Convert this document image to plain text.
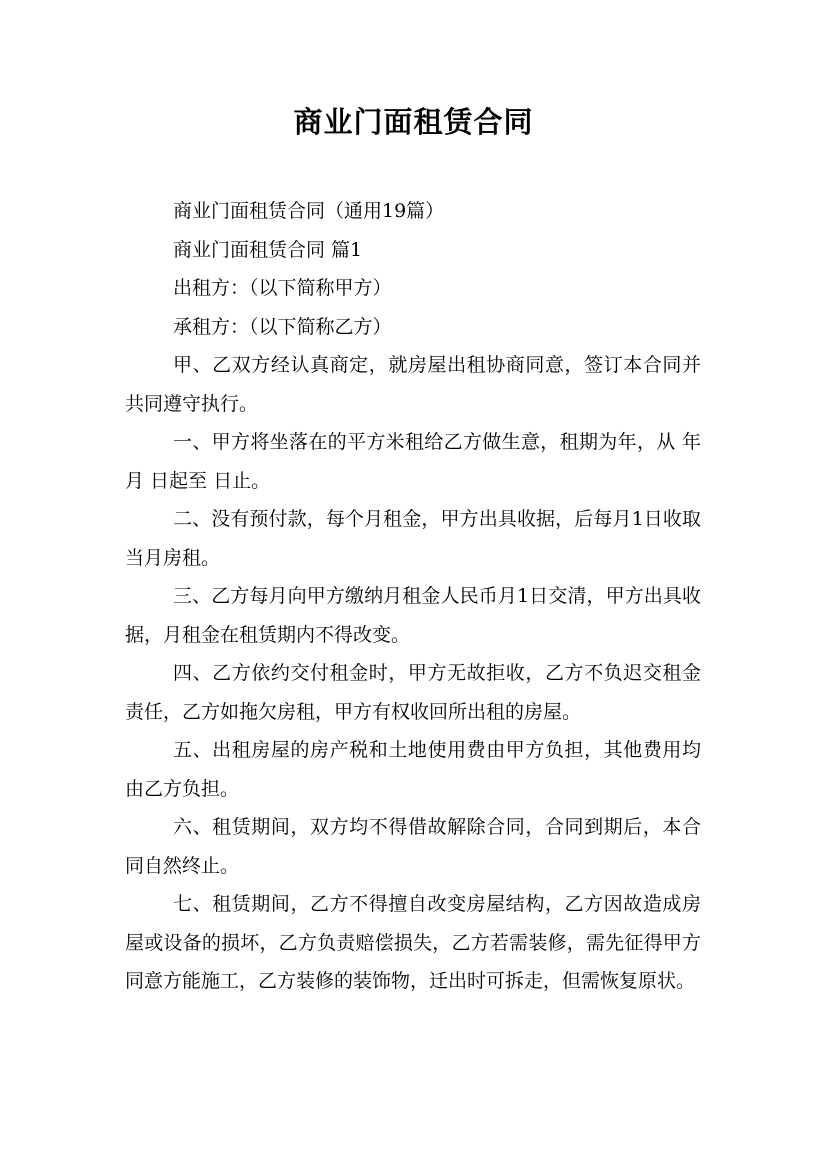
商业门面租赁合同

商业门面租赁合同（通用19篇）

商业门面租赁合同 篇1

出租方：（以下简称甲方）

承租方：（以下简称乙方）

甲、乙双方经认真商定，就房屋出租协商同意，签订本合同并共同遵守执行。

一、甲方将坐落在的平方米租给乙方做生意，租期为年，从 年 月 日起至 日止。

二、没有预付款，每个月租金，甲方出具收据，后每月1日收取当月房租。

三、乙方每月向甲方缴纳月租金人民币月1日交清，甲方出具收据，月租金在租赁期内不得改变。

四、乙方依约交付租金时，甲方无故拒收，乙方不负迟交租金责任，乙方如拖欠房租，甲方有权收回所出租的房屋。

五、出租房屋的房产税和土地使用费由甲方负担，其他费用均由乙方负担。

六、租赁期间，双方均不得借故解除合同，合同到期后，本合同自然终止。

七、租赁期间，乙方不得擅自改变房屋结构，乙方因故造成房屋或设备的损坏，乙方负责赔偿损失，乙方若需装修，需先征得甲方同意方能施工，乙方装修的装饰物，迁出时可拆走，但需恢复原状。
